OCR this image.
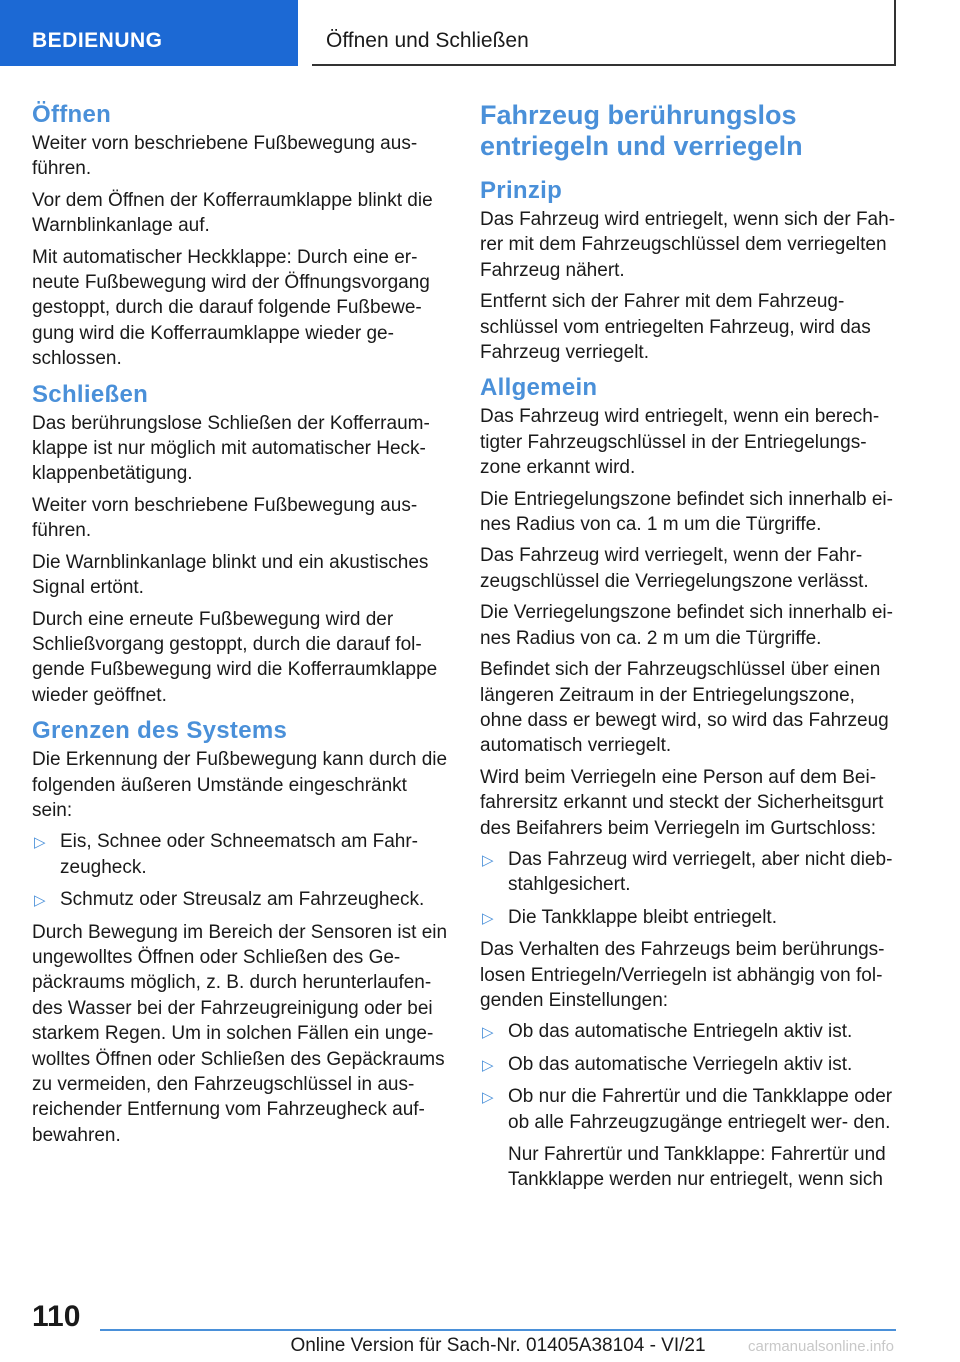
BEDIENUNG	Öffnen und Schließen
Öffnen

Weiter vorn beschriebene Fußbewegung aus‐ führen.

Vor dem Öffnen der Kofferraumklappe blinkt die Warnblinkanlage auf.

Mit automatischer Heckklappe: Durch eine er‐ neute Fußbewegung wird der Öffnungsvorgang gestoppt, durch die darauf folgende Fußbewe‐ gung wird die Kofferraumklappe wieder ge‐ schlossen.

Schließen

Das berührungslose Schließen der Kofferraum‐ klappe ist nur möglich mit automatischer Heck‐ klappenbetätigung.

Weiter vorn beschriebene Fußbewegung aus‐ führen.

Die Warnblinkanlage blinkt und ein akustisches Signal ertönt.

Durch eine erneute Fußbewegung wird der Schließvorgang gestoppt, durch die darauf fol‐ gende Fußbewegung wird die Kofferraumklappe wieder geöffnet.

Grenzen des Systems

Die Erkennung der Fußbewegung kann durch die folgenden äußeren Umstände eingeschränkt sein:

▷ Eis, Schnee oder Schneematsch am Fahr‐ zeugheck.
▷ Schmutz oder Streusalz am Fahrzeugheck.

Durch Bewegung im Bereich der Sensoren ist ein ungewolltes Öffnen oder Schließen des Ge‐ päckraums möglich, z. B. durch herunterlaufen‐ des Wasser bei der Fahrzeugreinigung oder bei starkem Regen. Um in solchen Fällen ein unge‐ wolltes Öffnen oder Schließen des Gepäckraums zu vermeiden, den Fahrzeugschlüssel in aus‐ reichender Entfernung vom Fahrzeugheck auf‐ bewahren.

Fahrzeug berührungslos entriegeln und verriegeln
Prinzip

Das Fahrzeug wird entriegelt, wenn sich der Fah‐ rer mit dem Fahrzeugschlüssel dem verriegelten Fahrzeug nähert.

Entfernt sich der Fahrer mit dem Fahrzeug‐ schlüssel vom entriegelten Fahrzeug, wird das Fahrzeug verriegelt.

Allgemein

Das Fahrzeug wird entriegelt, wenn ein berech‐ tigter Fahrzeugschlüssel in der Entriegelungs‐ zone erkannt wird.

Die Entriegelungszone befindet sich innerhalb ei‐ nes Radius von ca. 1 m um die Türgriffe.

Das Fahrzeug wird verriegelt, wenn der Fahr‐ zeugschlüssel die Verriegelungszone verlässt.

Die Verriegelungszone befindet sich innerhalb ei‐ nes Radius von ca. 2 m um die Türgriffe.

Befindet sich der Fahrzeugschlüssel über einen längeren Zeitraum in der Entriegelungszone, ohne dass er bewegt wird, so wird das Fahrzeug automatisch verriegelt.

Wird beim Verriegeln eine Person auf dem Bei‐ fahrersitz erkannt und steckt der Sicherheitsgurt des Beifahrers beim Verriegeln im Gurtschloss:

▷ Das Fahrzeug wird verriegelt, aber nicht dieb‐ stahlgesichert.
▷ Die Tankklappe bleibt entriegelt.

Das Verhalten des Fahrzeugs beim berührungs‐ losen Entriegeln/Verriegeln ist abhängig von fol‐ genden Einstellungen:

▷ Ob das automatische Entriegeln aktiv ist.
▷ Ob das automatische Verriegeln aktiv ist.
▷ Ob nur die Fahrertür und die Tankklappe oder ob alle Fahrzeugzugänge entriegelt wer‐ den.

Nur Fahrertür und Tankklappe: Fahrertür und Tankklappe werden nur entriegelt, wenn sich

110
Online Version für Sach-Nr. 01405A38104 - VI/21	carmanualsonline.info
